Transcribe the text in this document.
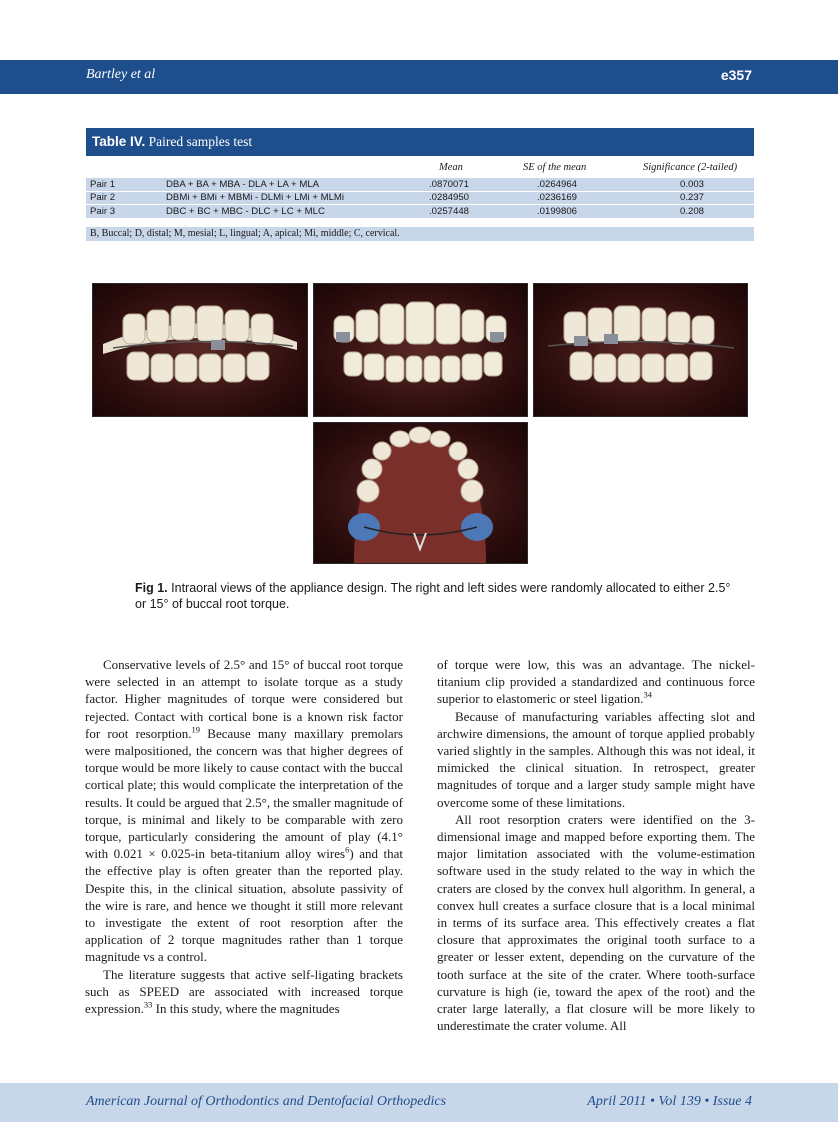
Bartley et al	e357
Table IV. Paired samples test
Mean	SE of the mean	Significance (2-tailed)
Pair 1	DBA + BA + MBA - DLA + LA + MLA	.0870071	.0264964	0.003
Pair 2	DBMi + BMi + MBMi - DLMi + LMi + MLMi	.0284950	.0236169	0.237
Pair 3	DBC + BC + MBC - DLC + LC + MLC	.0257448	.0199806	0.208
B, Buccal; D, distal; M, mesial; L, lingual; A, apical; Mi, middle; C, cervical.
Fig 1. Intraoral views of the appliance design. The right and left sides were randomly allocated to either 2.5° or 15° of buccal root torque.

Conservative levels of 2.5° and 15° of buccal root torque were selected in an attempt to isolate torque as a study factor. Higher magnitudes of torque were considered but rejected. Contact with cortical bone is a known risk factor for root resorption.$^{19}$ Because many maxillary premolars were malpositioned, the concern was that higher degrees of torque would be more likely to cause contact with the buccal cortical plate; this would complicate the interpretation of the results. It could be argued that 2.5°, the smaller magnitude of torque, is minimal and likely to be comparable with zero torque, particularly considering the amount of play (4.1° with 0.021 × 0.025-in beta-titanium alloy wires$^6$) and that the effective play is often greater than the reported play. Despite this, in the clinical situation, absolute passivity of the wire is rare, and hence we thought it still more relevant to investigate the extent of root resorption after the application of 2 torque magnitudes rather than 1 torque magnitude vs a control.

The literature suggests that active self-ligating brackets such as SPEED are associated with increased torque expression.$^{33}$ In this study, where the magnitudes

of torque were low, this was an advantage. The nickel-titanium clip provided a standardized and continuous force superior to elastomeric or steel ligation.$^{34}$

Because of manufacturing variables affecting slot and archwire dimensions, the amount of torque applied probably varied slightly in the samples. Although this was not ideal, it mimicked the clinical situation. In retrospect, greater magnitudes of torque and a larger study sample might have overcome some of these limitations.

All root resorption craters were identified on the 3-dimensional image and mapped before exporting them. The major limitation associated with the volume-estimation software used in the study related to the way in which the craters are closed by the convex hull algorithm. In general, a convex hull creates a surface closure that is a local minimal in terms of its surface area. This effectively creates a flat closure that approximates the original tooth surface to a greater or lesser extent, depending on the curvature of the tooth surface at the site of the crater. Where tooth-surface curvature is high (ie, toward the apex of the root) and the crater large laterally, a flat closure will be more likely to underestimate the crater volume. All

American Journal of Orthodontics and Dentofacial Orthopedics	April 2011 • Vol 139 • Issue 4
